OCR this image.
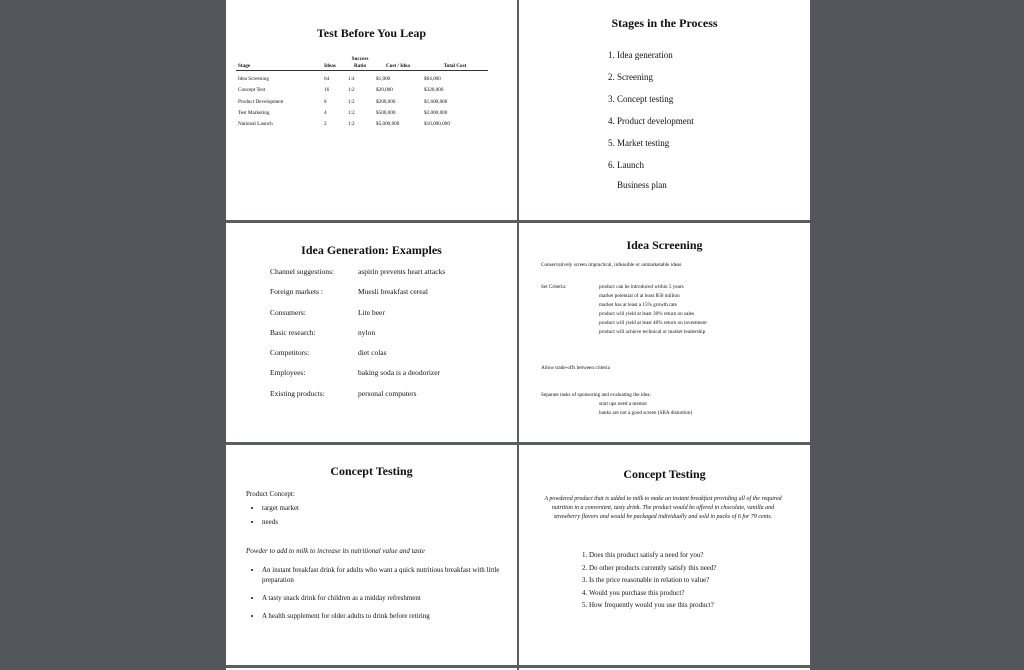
Test Before You Leap
Stage	Ideas	Success Ratio	Cost / Idea	Total Cost
Idea Screening	64	1:4	$1,000	$64,000
Concept Test	16	1:2	$20,000	$320,000
Product Development	8	1:2	$200,000	$1,600,000
Test Marketing	4	1:2	$500,000	$2,000,000
National Launch	2	1:2	$5,000,000	$10,000,000
Stages in the Process
1. Idea generation
2. Screening
3. Concept testing
4. Product development
5. Market testing
6. Launch
Business plan
Idea Generation: Examples
Channel suggestions:	aspirin prevents heart attacks
Foreign markets :	Muesli breakfast cereal
Consumers:	Lite beer
Basic research:	nylon
Competitors:	diet colas
Employees:	baking soda is a deodorizer
Existing products:	personal computers
Idea Screening
Conservatively screen impractical, infeasible or unmarketable ideas
Set Criteria:	product can be introduced within 5 years
market potential of at least $50 million
market has at least a 15% growth rate
product will yield at least 30% return on sales
product will yield at least 40% return on investment
product will achieve technical or market leadership
Allow trade-offs between criteria
Separate tasks of sponsoring and evaluating the idea:
start ups need a mentor
banks are not a good screen (SBA distortion)
Concept Testing
Product Concept:
• target market
• needs
Powder to add to milk to increase its nutritional value and taste
• An instant breakfast drink for adults who want a quick nutritious breakfast with little preparation
• A tasty snack drink for children as a midday refreshment
• A health supplement for older adults to drink before retiring
Concept Testing
A powdered product that is added to milk to make an instant breakfast providing all of the required nutrition in a convenient, tasty drink. The product would be offered in chocolate, vanilla and strawberry flavors and would be packaged individually and sold in packs of 6 for 79 cents.
1. Does this product satisfy a need for you?
2. Do other products currently satisfy this need?
3. Is the price reasonable in relation to value?
4. Would you purchase this product?
5. How frequently would you use this product?
